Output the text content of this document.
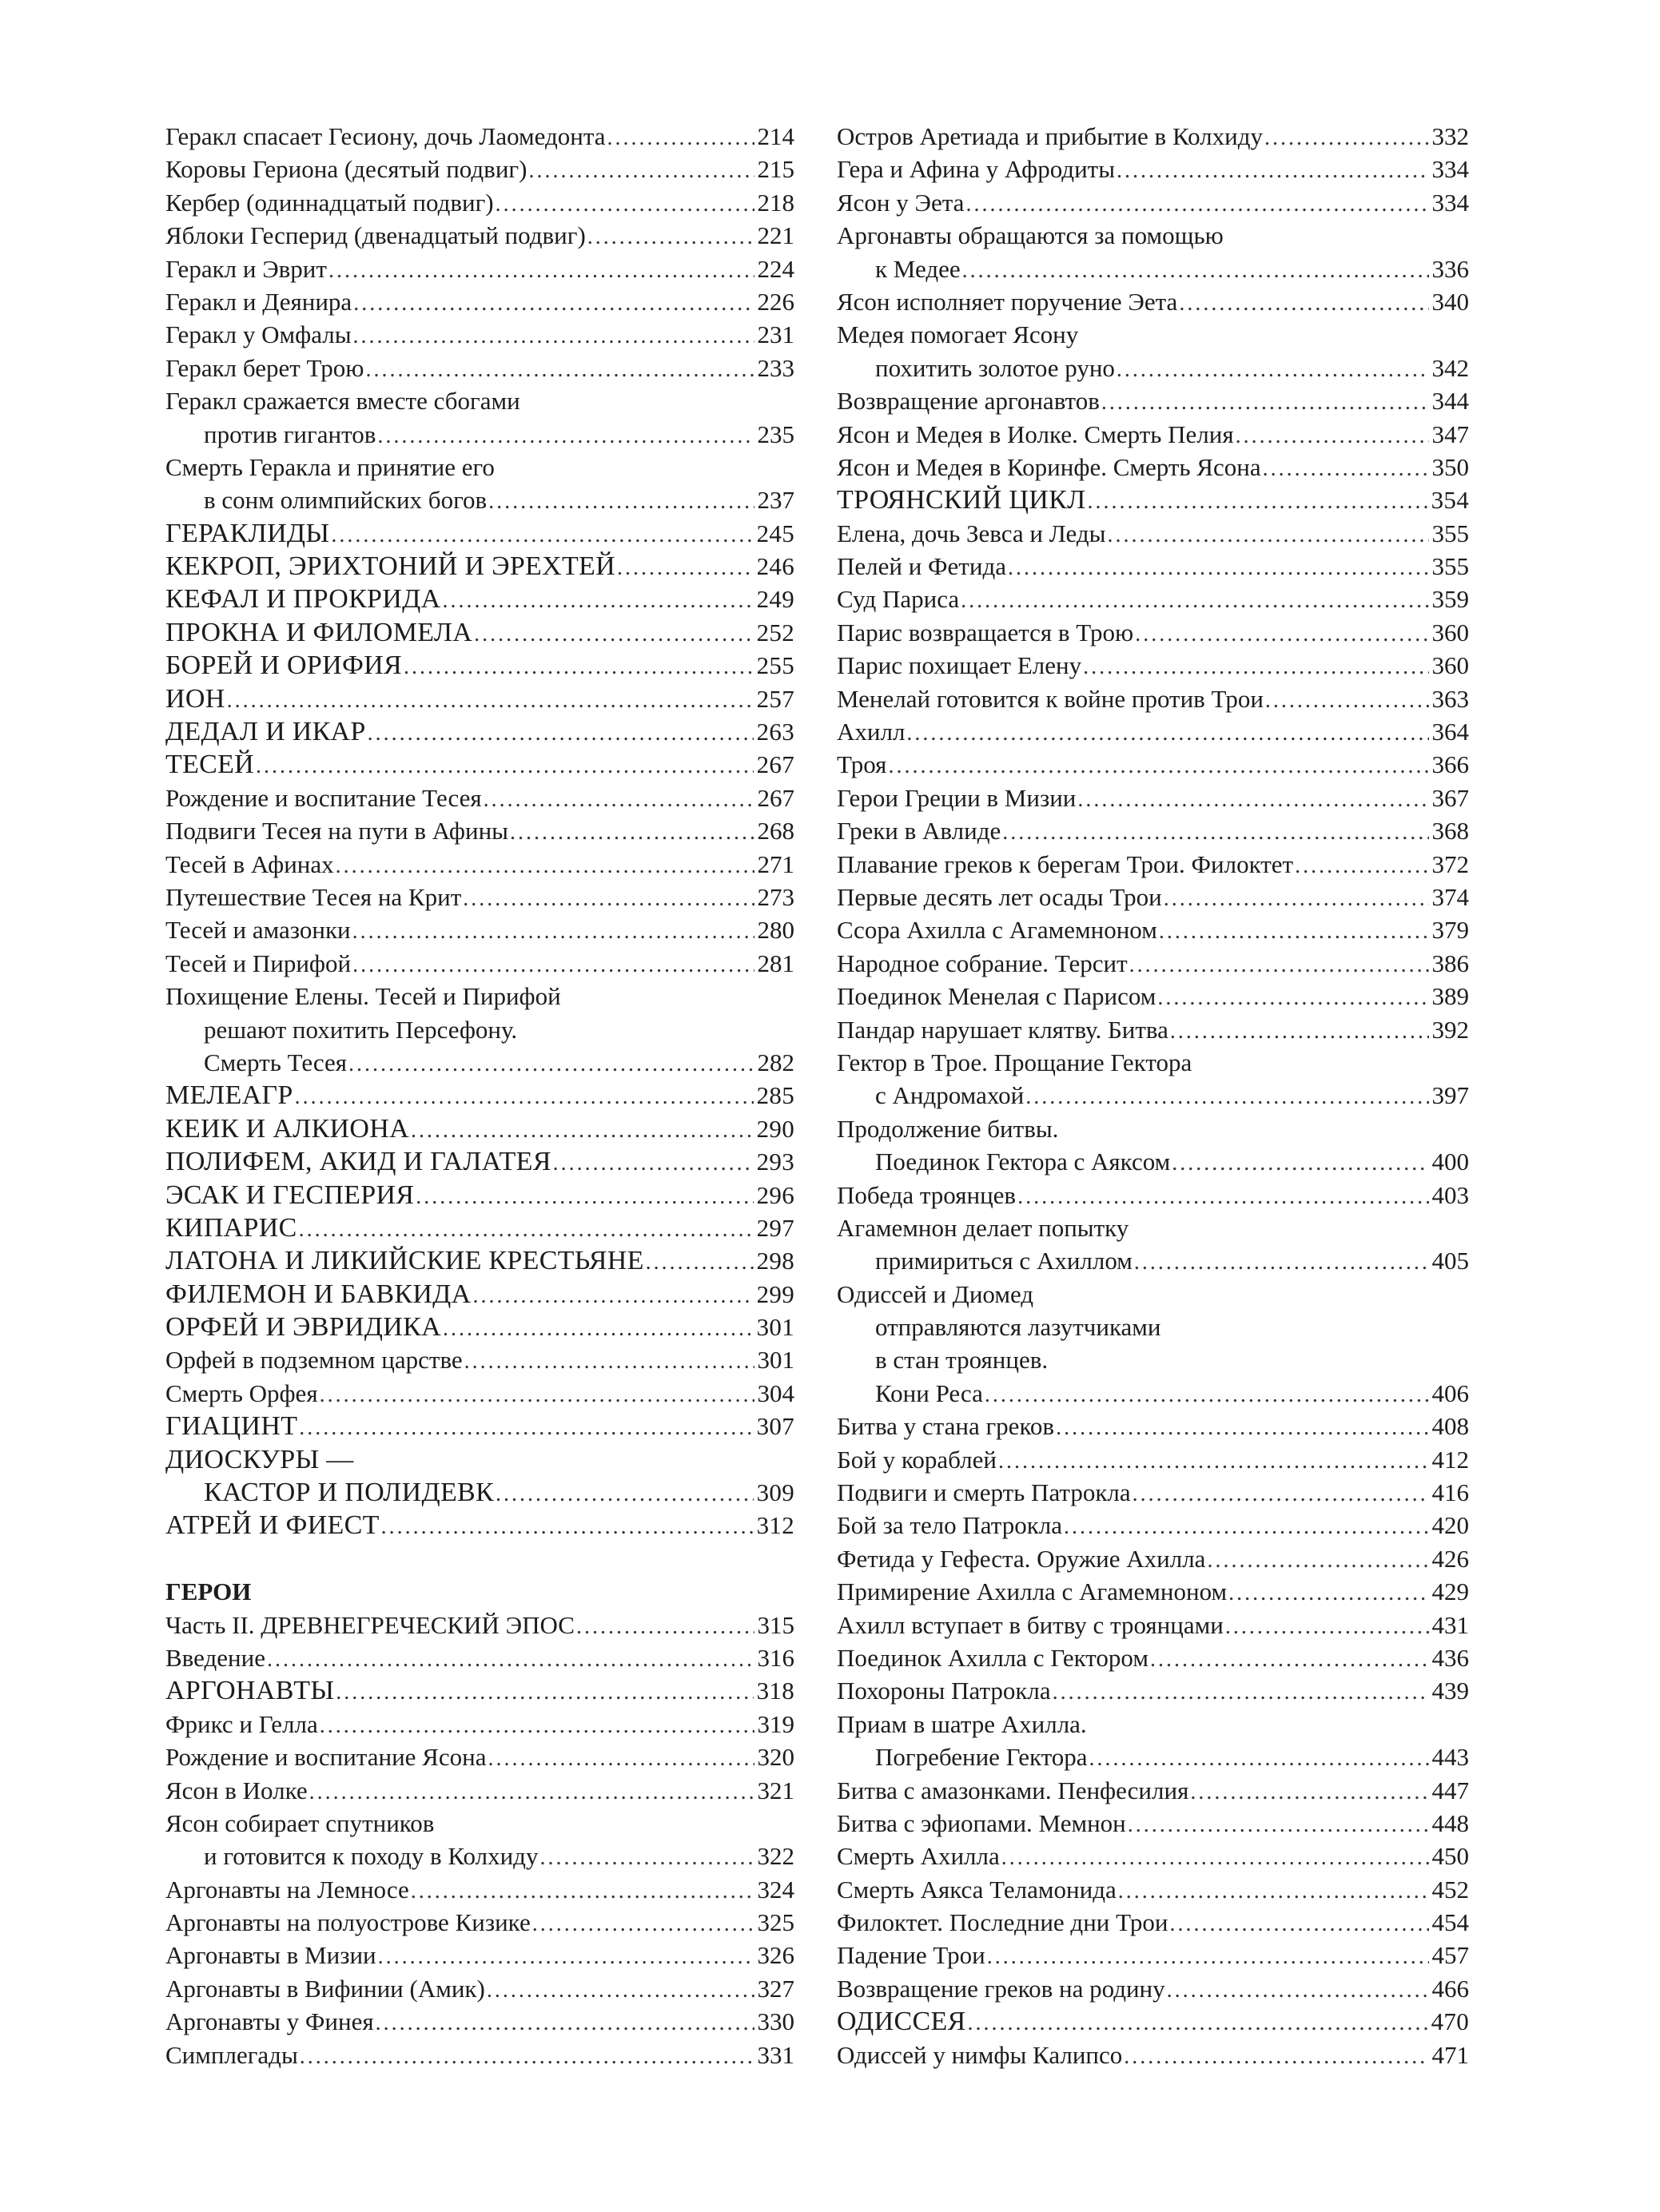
Геракл спасает Гесиону, дочь Лаомедонта . . .	214
Коровы Гериона (десятый подвиг) . . .	215
Кербер (одиннадцатый подвиг) . . .	218
Яблоки Гесперид (двенадцатый подвиг) . . .	221
Геракл и Эврит . . .	224
Геракл и Деянира . . .	226
Геракл у Омфалы . . .	231
Геракл берет Трою . . .	233
Геракл сражается вместе сбогами
против гигантов . . .	235
Смерть Геракла и принятие его
в сонм олимпийских богов . . .	237
ГЕРАКЛИДЫ . . .	245
КЕКРОП, ЭРИХТОНИЙ И ЭРЕХТЕЙ . . .	246
КЕФАЛ И ПРОКРИДА . . .	249
ПРОКНА И ФИЛОМЕЛА . . .	252
БОРЕЙ И ОРИФИЯ . . .	255
ИОН . . .	257
ДЕДАЛ И ИКАР . . .	263
ТЕСЕЙ . . .	267
Рождение и воспитание Тесея . . .	267
Подвиги Тесея на пути в Афины . . .	268
Тесей в Афинах . . .	271
Путешествие Тесея на Крит . . .	273
Тесей и амазонки . . .	280
Тесей и Пирифой . . .	281
Похищение Елены. Тесей и Пирифой
решают похитить Персефону.
Смерть Тесея . . .	282
МЕЛЕАГР . . .	285
КЕИК И АЛКИОНА . . .	290
ПОЛИФЕМ, АКИД И ГАЛАТЕЯ . . .	293
ЭСАК И ГЕСПЕРИЯ . . .	296
КИПАРИС . . .	297
ЛАТОНА И ЛИКИЙСКИЕ КРЕСТЬЯНЕ . . .	298
ФИЛЕМОН И БАВКИДА . . .	299
ОРФЕЙ И ЭВРИДИКА . . .	301
Орфей в подземном царстве . . .	301
Смерть Орфея . . .	304
ГИАЦИНТ . . .	307
ДИОСКУРЫ —
КАСТОР И ПОЛИДЕВК . . .	309
АТРЕЙ И ФИЕСТ . . .	312
ГЕРОИ
Часть II. ДРЕВНЕГРЕЧЕСКИЙ ЭПОС . . .	315
Введение . . .	316
АРГОНАВТЫ . . .	318
Фрикс и Гелла . . .	319
Рождение и воспитание Ясона . . .	320
Ясон в Иолке . . .	321
Ясон собирает спутников
и готовится к походу в Колхиду . . .	322
Аргонавты на Лемносе . . .	324
Аргонавты на полуострове Кизике . . .	325
Аргонавты в Мизии . . .	326
Аргонавты в Вифинии (Амик) . . .	327
Аргонавты у Финея . . .	330
Симплегады . . .	331
Остров Аретиада и прибытие в Колхиду . . .	332
Гера и Афина у Афродиты . . .	334
Ясон у Эета . . .	334
Аргонавты обращаются за помощью
к Медее . . .	336
Ясон исполняет поручение Эета . . .	340
Медея помогает Ясону
похитить золотое руно . . .	342
Возвращение аргонавтов . . .	344
Ясон и Медея в Иолке. Смерть Пелия . . .	347
Ясон и Медея в Коринфе. Смерть Ясона . . .	350
ТРОЯНСКИЙ ЦИКЛ . . .	354
Елена, дочь Зевса и Леды . . .	355
Пелей и Фетида . . .	355
Суд Париса . . .	359
Парис возвращается в Трою . . .	360
Парис похищает Елену . . .	360
Менелай готовится к войне против Трои . . .	363
Ахилл . . .	364
Троя . . .	366
Герои Греции в Мизии . . .	367
Греки в Авлиде . . .	368
Плавание греков к берегам Трои. Филоктет . . .	372
Первые десять лет осады Трои . . .	374
Ссора Ахилла с Агамемноном . . .	379
Народное собрание. Терсит . . .	386
Поединок Менелая с Парисом . . .	389
Пандар нарушает клятву. Битва . . .	392
Гектор в Трое. Прощание Гектора
с Андромахой . . .	397
Продолжение битвы.
Поединок Гектора с Аяксом . . .	400
Победа троянцев . . .	403
Агамемнон делает попытку
примириться с Ахиллом . . .	405
Одиссей и Диомед
отправляются лазутчиками
в стан троянцев.
Кони Реса . . .	406
Битва у стана греков . . .	408
Бой у кораблей . . .	412
Подвиги и смерть Патрокла . . .	416
Бой за тело Патрокла . . .	420
Фетида у Гефеста. Оружие Ахилла . . .	426
Примирение Ахилла с Агамемноном . . .	429
Ахилл вступает в битву с троянцами . . .	431
Поединок Ахилла с Гектором . . .	436
Похороны Патрокла . . .	439
Приам в шатре Ахилла.
Погребение Гектора . . .	443
Битва с амазонками. Пенфесилия . . .	447
Битва с эфиопами. Мемнон . . .	448
Смерть Ахилла . . .	450
Смерть Аякса Теламонида . . .	452
Филоктет. Последние дни Трои . . .	454
Падение Трои . . .	457
Возвращение греков на родину . . .	466
ОДИССЕЯ . . .	470
Одиссей у нимфы Калипсо . . .	471
